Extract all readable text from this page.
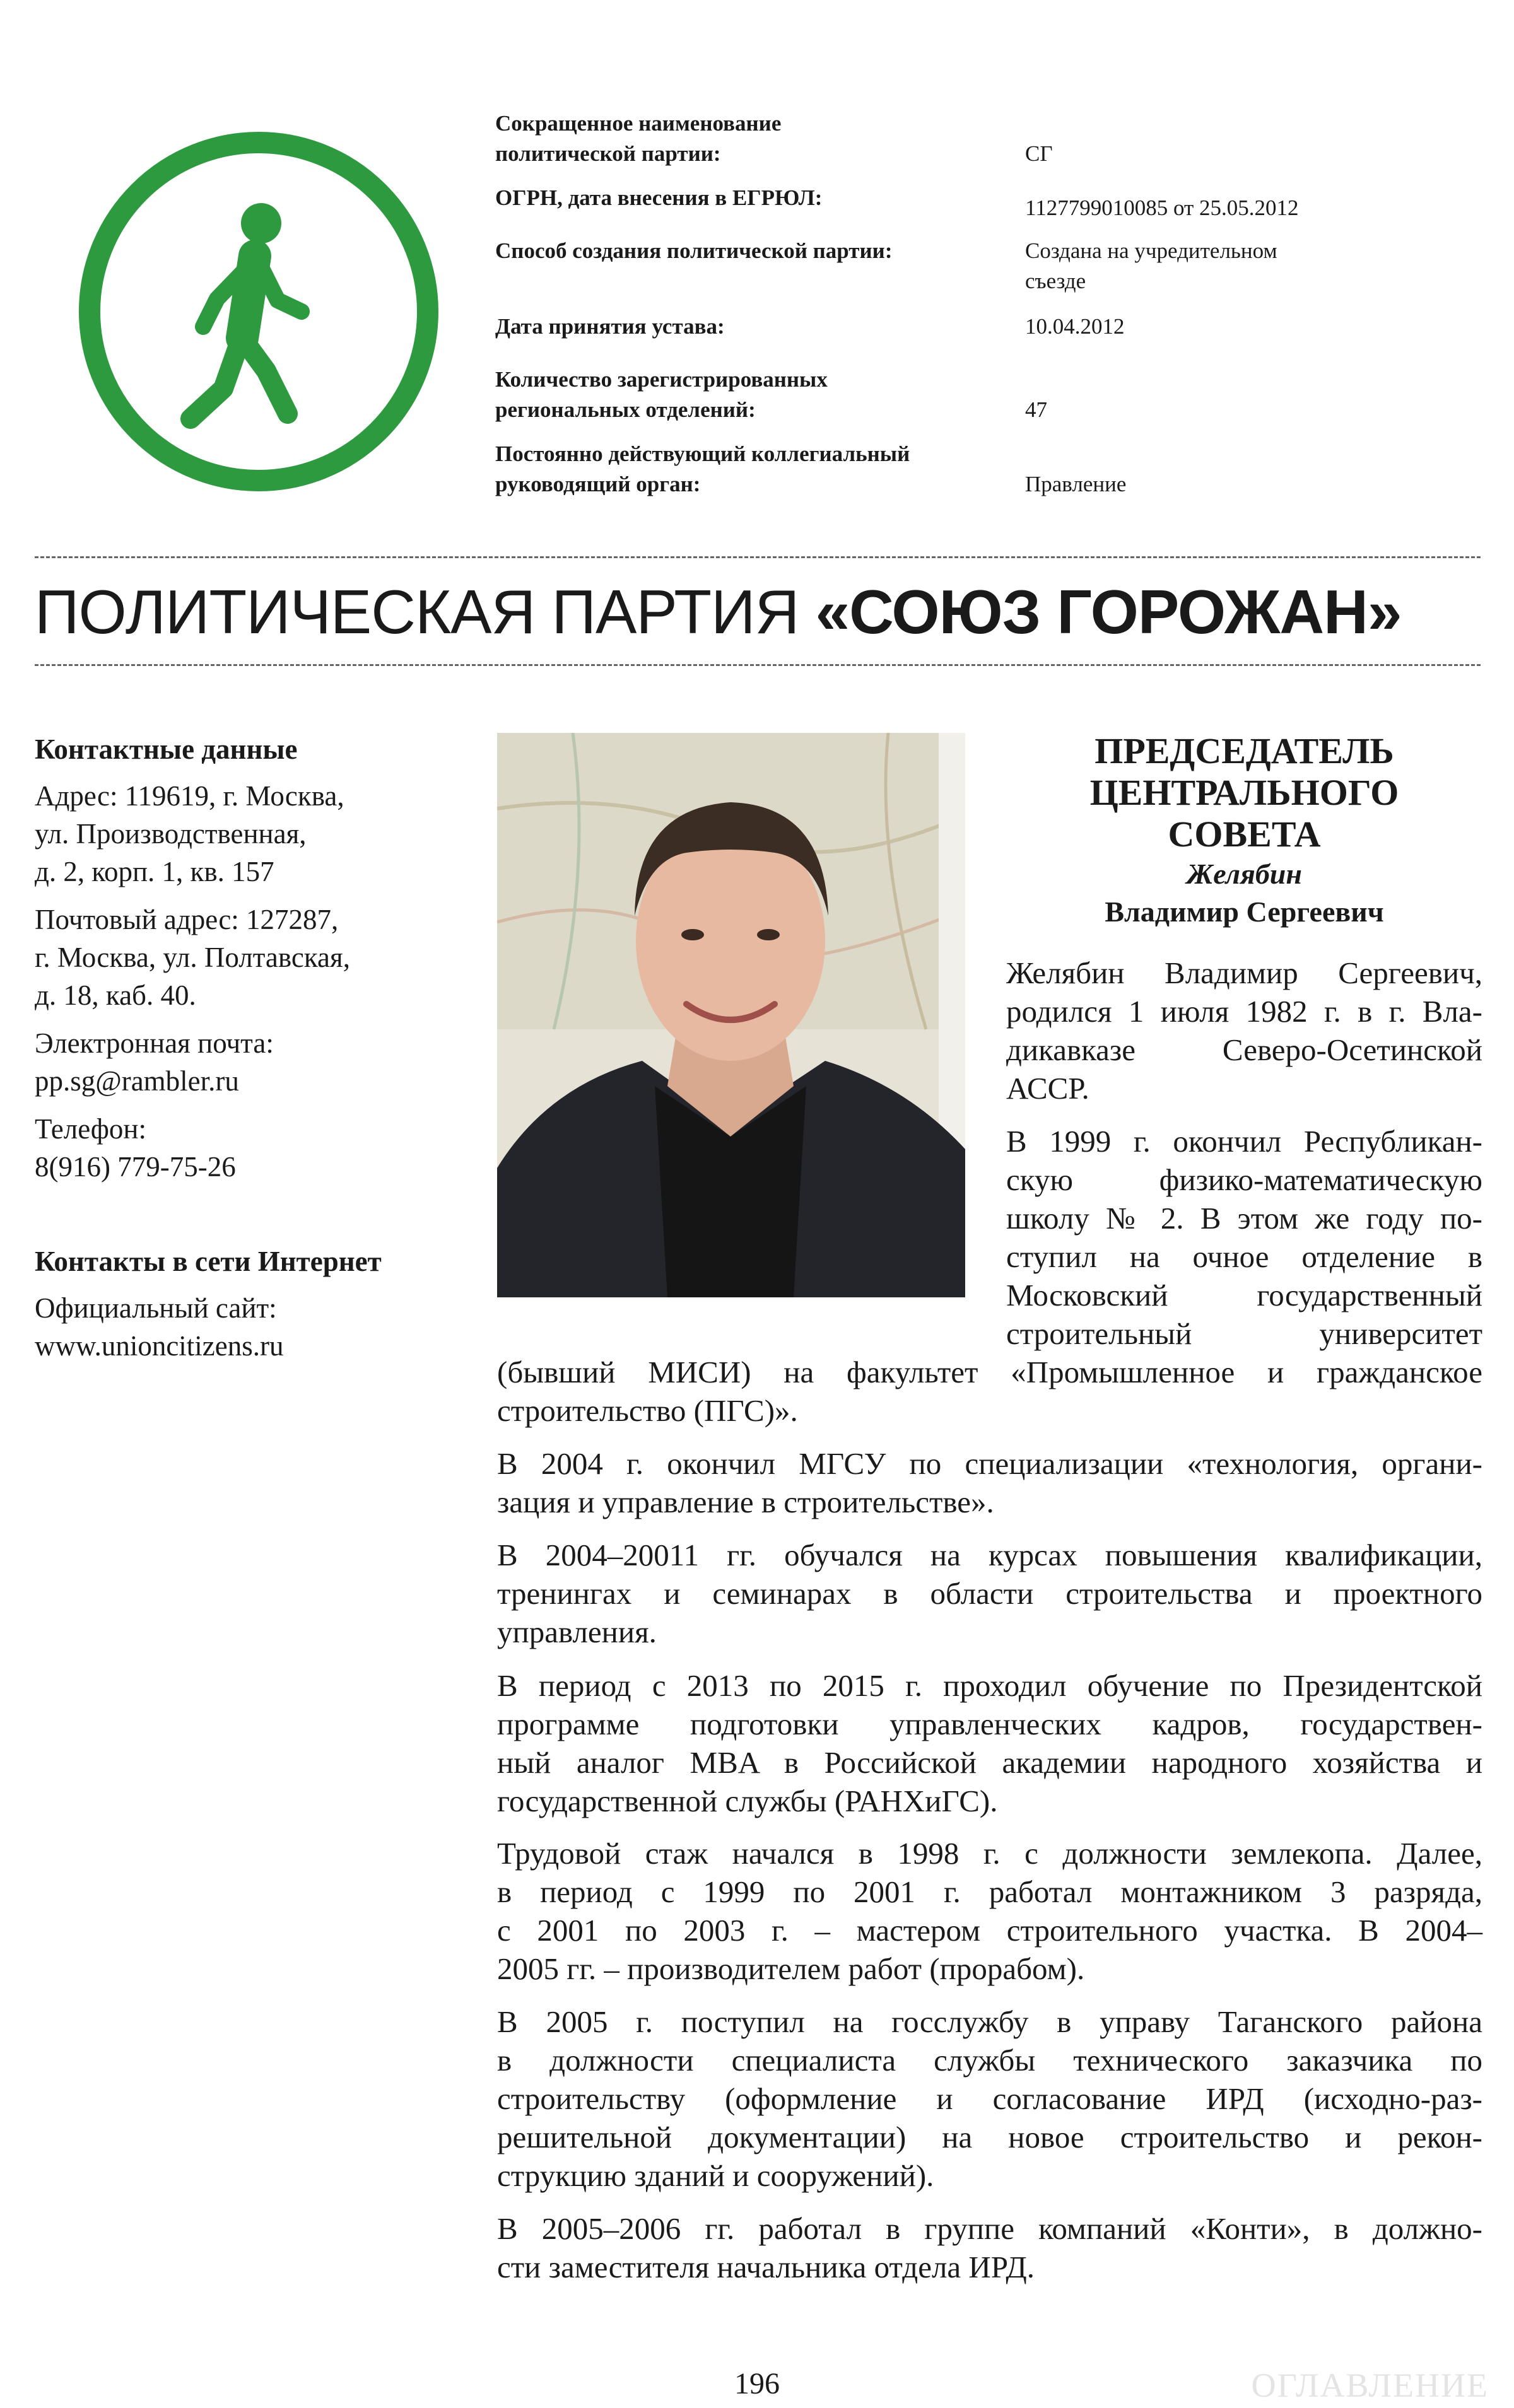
Сокращенное наименование
политической партии:	СГ
ОГРН, дата внесения в ЕГРЮЛ:	1127799010085 от 25.05.2012
Способ создания политической партии:	Создана на учредительном
съезде
Дата принятия устава:	10.04.2012
Количество зарегистрированных
региональных отделений:	47
Постоянно действующий коллегиальный
руководящий орган:	Правление
ПОЛИТИЧЕСКАЯ ПАРТИЯ «СОЮЗ ГОРОЖАН»
Контактные данные
Адрес: 119619, г. Москва,
ул. Производственная,
д. 2, корп. 1, кв. 157
Почтовый адрес: 127287,
г. Москва, ул. Полтавская,
д. 18, каб. 40.
Электронная почта:
pp.sg@rambler.ru
Телефон:
8(916) 779-75-26
Контакты в сети Интернет
Официальный сайт:
www.unioncitizens.ru
ПРЕДСЕДАТЕЛЬ
ЦЕНТРАЛЬНОГО
СОВЕТА
Желябин
Владимир Сергеевич
Желябин Владимир Сергеевич,
родился 1 июля 1982 г. в г. Вла-
дикавказе Северо-Осетинской
АССР.
В 1999 г. окончил Республикан-
скую физико-математическую
школу № 2. В этом же году по-
ступил на очное отделение в
Московский государственный
строительный университет
(бывший МИСИ) на факультет «Промышленное и гражданское
строительство (ПГС)».
В 2004 г. окончил МГСУ по специализации «технология, органи-
зация и управление в строительстве».
В 2004–20011 гг. обучался на курсах повышения квалификации,
тренингах и семинарах в области строительства и проектного
управления.
В период с 2013 по 2015 г. проходил обучение по Президентской
программе подготовки управленческих кадров, государствен-
ный аналог MBA в Российской академии народного хозяйства и
государственной службы (РАНХиГС).
Трудовой стаж начался в 1998 г. с должности землекопа. Далее,
в период с 1999 по 2001 г. работал монтажником 3 разряда,
с 2001 по 2003 г. – мастером строительного участка. В 2004–
2005 гг. – производителем работ (прорабом).
В 2005 г. поступил на госслужбу в управу Таганского района
в должности специалиста службы технического заказчика по
строительству (оформление и согласование ИРД (исходно-раз-
решительной документации) на новое строительство и рекон-
струкцию зданий и сооружений).
В 2005–2006 гг. работал в группе компаний «Конти», в должно-
сти заместителя начальника отдела ИРД.
196	ОГЛАВЛЕНИЕ
